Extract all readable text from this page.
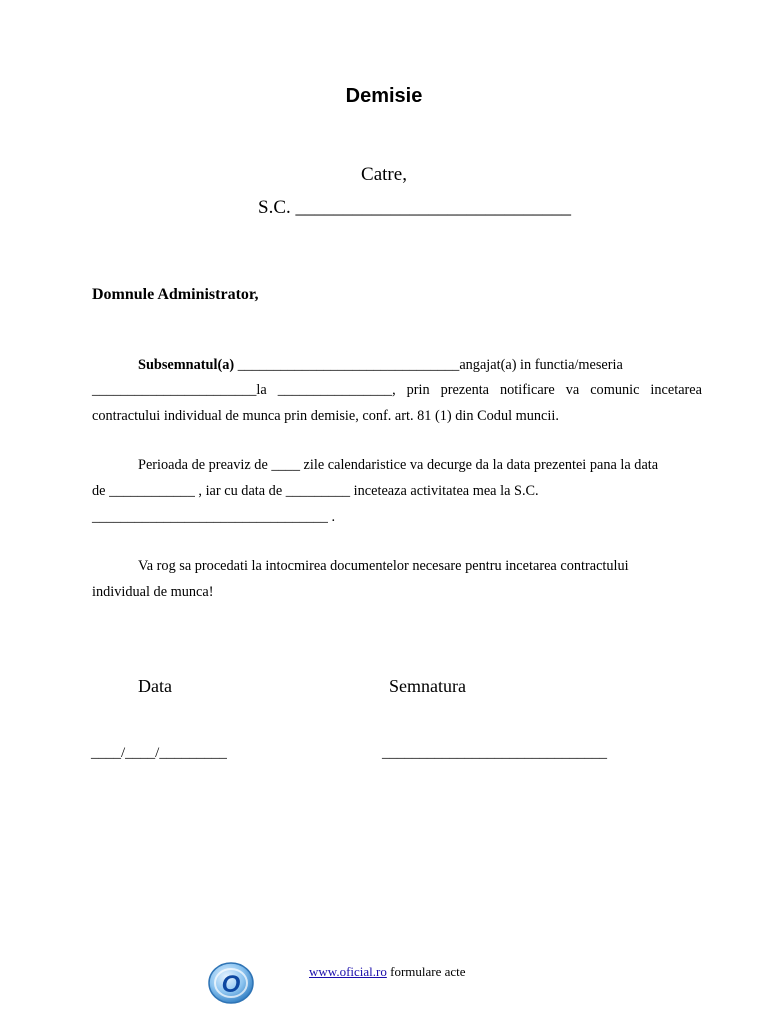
Demisie
Catre,
S.C. _____________________________
Domnule Administrator,
Subsemnatul(a) _______________________________angajat(a) in functia/meseria
_______________________la ________________, prin prezenta notificare va comunic incetarea
contractului individual de munca prin demisie, conf. art. 81 (1) din Codul muncii.
Perioada de preaviz de ____ zile calendaristice va decurge da la data prezentei pana la data
de ____________ , iar cu data de _________ inceteaza activitatea mea la S.C.
_________________________________ .
Va rog sa procedati la intocmirea documentelor necesare pentru incetarea contractului
individual de munca!
Data	Semnatura
____/____/_________	______________________________
O	www.oficial.ro formulare acte
